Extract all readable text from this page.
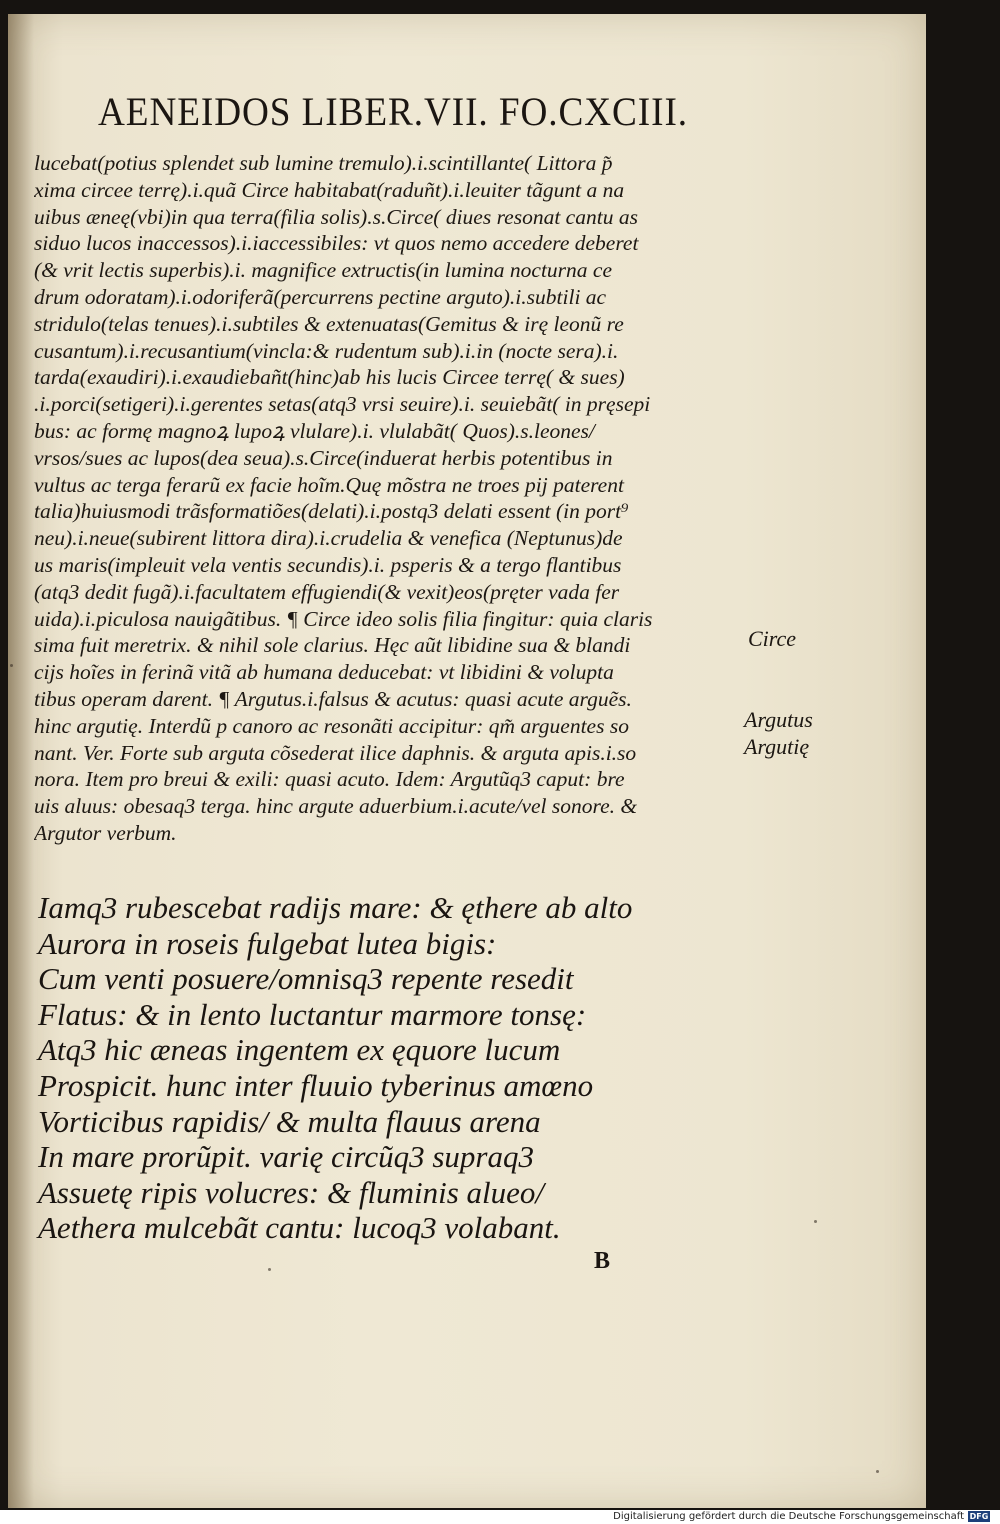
AENEIDOS LIBER.VII. FO.CXCIII.
lucebat(potius splendet sub lumine tremulo).i.scintillante( Littora p͂
xima circee terrę).i.quã Circe habitabat(raduñt).i.leuiter tãgunt a na
uibus æneę(vbi)in qua terra(filia solis).s.Circe( diues resonat cantu as
siduo lucos inaccessos).i.iaccessibiles: vt quos nemo accedere deberet
(& vrit lectis superbis).i. magnifice extructis(in lumina nocturna ce
drum odoratam).i.odoriferã(percurrens pectine arguto).i.subtili ac
stridulo(telas tenues).i.subtiles & extenuatas(Gemitus & irę leonũ re
cusantum).i.recusantium(vincla:& rudentum sub).i.in (nocte sera).i.
tarda(exaudiri).i.exaudiebañt(hinc)ab his lucis Circee terrę( & sues)
.i.porci(setigeri).i.gerentes setas(atq3 vrsi seuire).i. seuiebãt( in pręsepi
bus: ac formę magnoꝝ lupoꝝ vlulare).i. vlulabãt( Quos).s.leones/
vrsos/sues ac lupos(dea seua).s.Circe(induerat herbis potentibus in
vultus ac terga ferarũ ex facie hoĩm.Quę mõstra ne troes pij paterent
talia)huiusmodi trãsformatiões(delati).i.postq3 delati essent (in port⁹
neu).i.neue(subirent littora dira).i.crudelia & venefica (Neptunus)de
us maris(impleuit vela ventis secundis).i. psperis & a tergo flantibus
(atq3 dedit fugã).i.facultatem effugiendi(& vexit)eos(pręter vada fer
uida).i.piculosa nauigãtibus. ¶ Circe ideo solis filia fingitur: quia claris
sima fuit meretrix. & nihil sole clarius. Hęc aũt libidine sua & blandi
cijs hoĩes in ferinã vitã ab humana deducebat: vt libidini & volupta
tibus operam darent. ¶ Argutus.i.falsus & acutus: quasi acute arguẽs.
hinc argutię. Interdũ p canoro ac resonãti accipitur: qm̃ arguentes so
nant. Ver. Forte sub arguta cõsederat ilice daphnis. & arguta apis.i.so
nora. Item pro breui & exili: quasi acuto. Idem: Argutũq3 caput: bre
uis aluus: obesaq3 terga. hinc argute aduerbium.i.acute/vel sonore. &
Argutor verbum.
Circe
Argutus
Argutię
Iamq3 rubescebat radijs mare: & ęthere ab alto
Aurora in roseis fulgebat lutea bigis:
Cum venti posuere/omnisq3 repente resedit
Flatus: & in lento luctantur marmore tonsę:
Atq3 hic æneas ingentem ex ęquore lucum
Prospicit. hunc inter fluuio tyberinus amœno
Vorticibus rapidis/ & multa flauus arena
In mare prorũpit. varię circũq3 supraq3
Assuetę ripis volucres: & fluminis alueo/
Aethera mulcebãt cantu: lucoq3 volabant.
B
Digitalisierung gefördert durch die Deutsche Forschungsgemeinschaft DFG
